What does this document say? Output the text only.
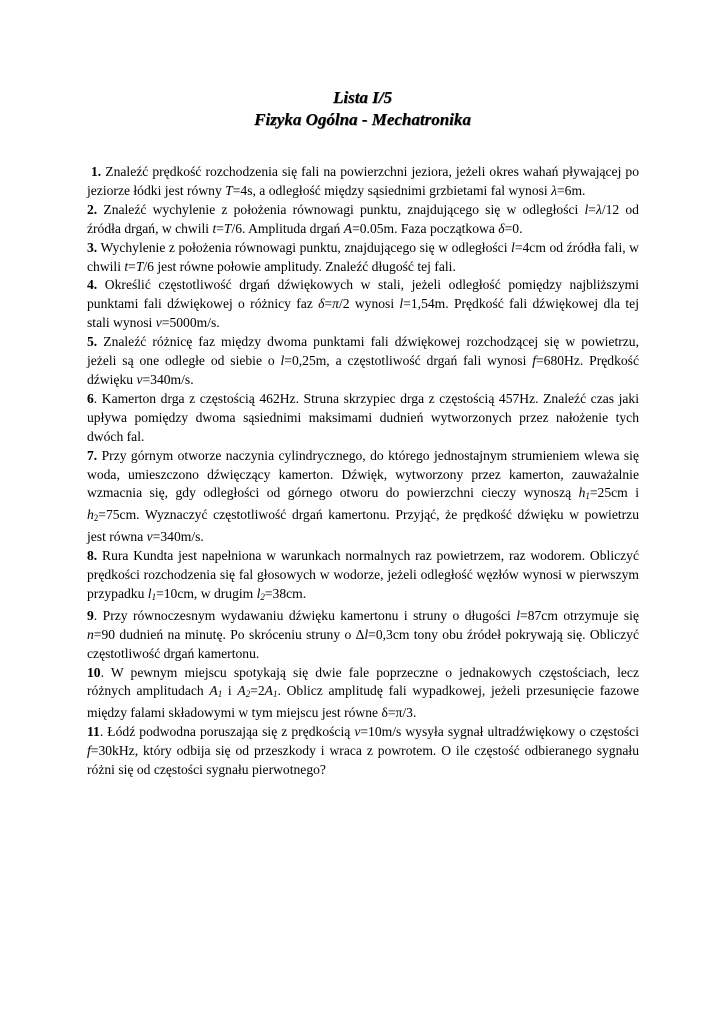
Lista I/5
Fizyka Ogólna - Mechatronika

1. Znaleźć prędkość rozchodzenia się fali na powierzchni jeziora, jeżeli okres wahań pływającej po jeziorze łódki jest równy T=4s, a odległość między sąsiednimi grzbietami fal wynosi λ=6m.

2. Znaleźć wychylenie z położenia równowagi punktu, znajdującego się w odległości l=λ/12 od źródła drgań, w chwili t=T/6. Amplituda drgań A=0.05m. Faza początkowa δ=0.

3. Wychylenie z położenia równowagi punktu, znajdującego się w odległości l=4cm od źródła fali, w chwili t=T/6 jest równe połowie amplitudy. Znaleźć długość tej fali.

4. Określić częstotliwość drgań dźwiękowych w stali, jeżeli odległość pomiędzy najbliższymi punktami fali dźwiękowej o różnicy faz δ=π/2 wynosi l=1,54m. Prędkość fali dźwiękowej dla tej stali wynosi v=5000m/s.

5. Znaleźć różnicę faz między dwoma punktami fali dźwiękowej rozchodzącej się w powietrzu, jeżeli są one odległe od siebie o l=0,25m, a częstotliwość drgań fali wynosi f=680Hz. Prędkość dźwięku v=340m/s.

6. Kamerton drga z częstością 462Hz. Struna skrzypiec drga z częstością 457Hz. Znaleźć czas jaki upływa pomiędzy dwoma sąsiednimi maksimami dudnień wytworzonych przez nałożenie tych dwóch fal.

7. Przy górnym otworze naczynia cylindrycznego, do którego jednostajnym strumieniem wlewa się woda, umieszczono dźwięczący kamerton. Dźwięk, wytworzony przez kamerton, zauważalnie wzmacnia się, gdy odległości od górnego otworu do powierzchni cieczy wynoszą $h_1=25cm$ i $h_2=75cm$. Wyznaczyć częstotliwość drgań kamertonu. Przyjąć, że prędkość dźwięku w powietrzu jest równa v=340m/s.

8. Rura Kundta jest napełniona w warunkach normalnych raz powietrzem, raz wodorem. Obliczyć prędkości rozchodzenia się fal głosowych w wodorze, jeżeli odległość węzłów wynosi w pierwszym przypadku $l_1=10cm$, w drugim $l_2=38cm$.

9. Przy równoczesnym wydawaniu dźwięku kamertonu i struny o długości l=87cm otrzymuje się n=90 dudnień na minutę. Po skróceniu struny o Δl=0,3cm tony obu źródeł pokrywają się. Obliczyć częstotliwość drgań kamertonu.

10. W pewnym miejscu spotykają się dwie fale poprzeczne o jednakowych częstościach, lecz różnych amplitudach $A_1$ i $A_2=2A_1$. Oblicz amplitudę fali wypadkowej, jeżeli przesunięcie fazowe między falami składowymi w tym miejscu jest równe δ=π/3.

11. Łódź podwodna poruszająa się z prędkością v=10m/s wysyła sygnał ultradźwiękowy o częstości f=30kHz, który odbija się od przeszkody i wraca z powrotem. O ile częstość odbieranego sygnału różni się od częstości sygnału pierwotnego?
